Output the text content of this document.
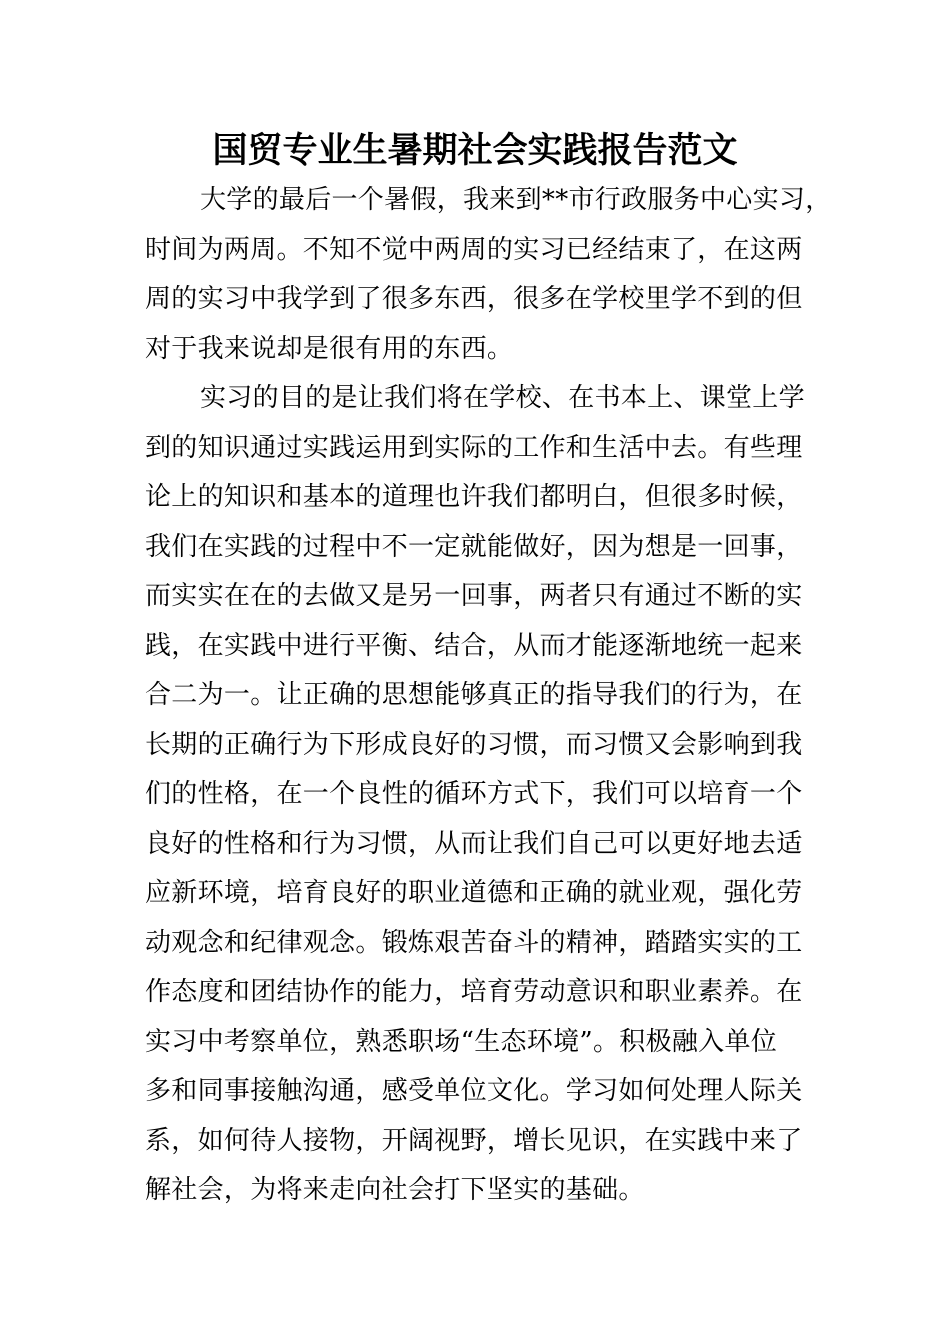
国贸专业生暑期社会实践报告范文

大学的最后一个暑假，我来到**市行政服务中心实习，
时间为两周。不知不觉中两周的实习已经结束了，在这两
周的实习中我学到了很多东西，很多在学校里学不到的但
对于我来说却是很有用的东西。

实习的目的是让我们将在学校、在书本上、课堂上学
到的知识通过实践运用到实际的工作和生活中去。有些理
论上的知识和基本的道理也许我们都明白，但很多时候，
我们在实践的过程中不一定就能做好，因为想是一回事，
而实实在在的去做又是另一回事，两者只有通过不断的实
践，在实践中进行平衡、结合，从而才能逐渐地统一起来
合二为一。让正确的思想能够真正的指导我们的行为，在
长期的正确行为下形成良好的习惯，而习惯又会影响到我
们的性格，在一个良性的循环方式下，我们可以培育一个
良好的性格和行为习惯，从而让我们自己可以更好地去适
应新环境，培育良好的职业道德和正确的就业观，强化劳
动观念和纪律观念。锻炼艰苦奋斗的精神，踏踏实实的工
作态度和团结协作的能力，培育劳动意识和职业素养。在
实习中考察单位，熟悉职场“生态环境”。积极融入单位
多和同事接触沟通，感受单位文化。学习如何处理人际关
系，如何待人接物，开阔视野，增长见识，在实践中来了
解社会，为将来走向社会打下坚实的基础。
